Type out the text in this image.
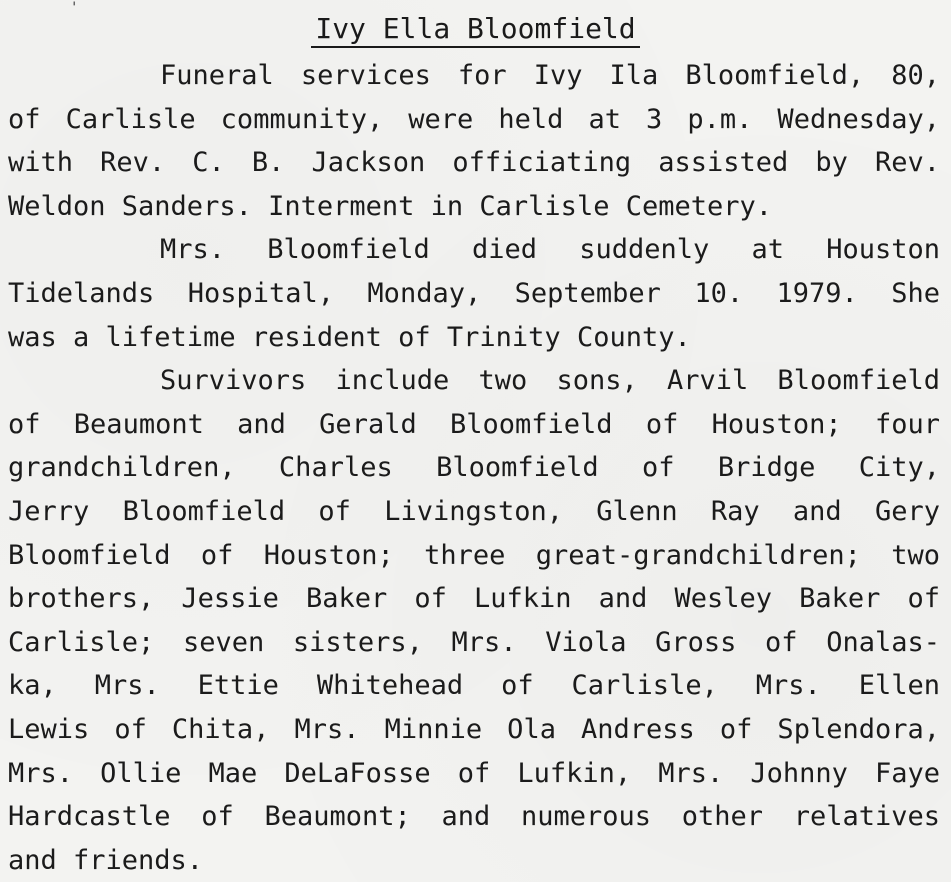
'
Ivy Ella Bloomfield
Funeral services for Ivy Ila Bloomfield, 80,
of Carlisle community, were held at 3 p.m. Wednesday,
with Rev. C. B. Jackson officiating assisted by Rev.
Weldon Sanders. Interment in Carlisle Cemetery.
Mrs. Bloomfield died suddenly at Houston
Tidelands Hospital, Monday, September 10. 1979. She
was a lifetime resident of Trinity County.
Survivors include two sons, Arvil Bloomfield
of Beaumont and Gerald Bloomfield of Houston; four
grandchildren, Charles Bloomfield of Bridge City,
Jerry Bloomfield of Livingston, Glenn Ray and Gery
Bloomfield of Houston; three great-grandchildren; two
brothers, Jessie Baker of Lufkin and Wesley Baker of
Carlisle; seven sisters, Mrs. Viola Gross of Onalas-
ka, Mrs. Ettie Whitehead of Carlisle, Mrs. Ellen
Lewis of Chita, Mrs. Minnie Ola Andress of Splendora,
Mrs. Ollie Mae DeLaFosse of Lufkin, Mrs. Johnny Faye
Hardcastle of Beaumont; and numerous other relatives
and friends.
